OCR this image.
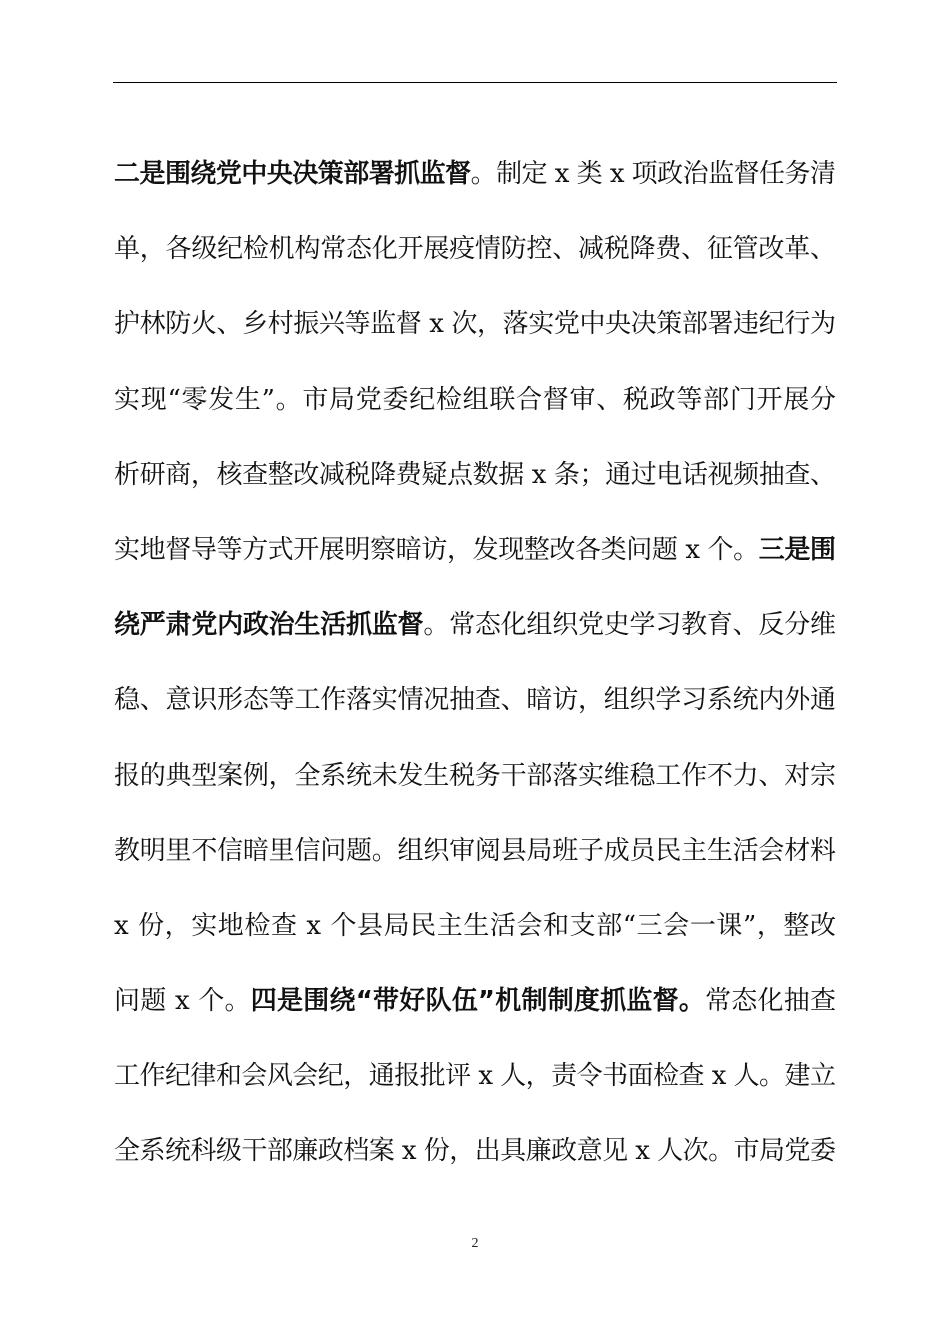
二是围绕党中央决策部署抓监督。制定 x 类 x 项政治监督任务清
单，各级纪检机构常态化开展疫情防控、减税降费、征管改革、
护林防火、乡村振兴等监督 x 次，落实党中央决策部署违纪行为
实现“零发生”。市局党委纪检组联合督审、税政等部门开展分
析研商，核查整改减税降费疑点数据 x 条；通过电话视频抽查、
实地督导等方式开展明察暗访，发现整改各类问题 x 个。三是围
绕严肃党内政治生活抓监督。常态化组织党史学习教育、反分维
稳、意识形态等工作落实情况抽查、暗访，组织学习系统内外通
报的典型案例，全系统未发生税务干部落实维稳工作不力、对宗
教明里不信暗里信问题。组织审阅县局班子成员民主生活会材料
x 份，实地检查 x 个县局民主生活会和支部“三会一课”，整改
问题 x 个。四是围绕“带好队伍”机制制度抓监督。常态化抽查
工作纪律和会风会纪，通报批评 x 人，责令书面检查 x 人。建立
全系统科级干部廉政档案 x 份，出具廉政意见 x 人次。市局党委
2
